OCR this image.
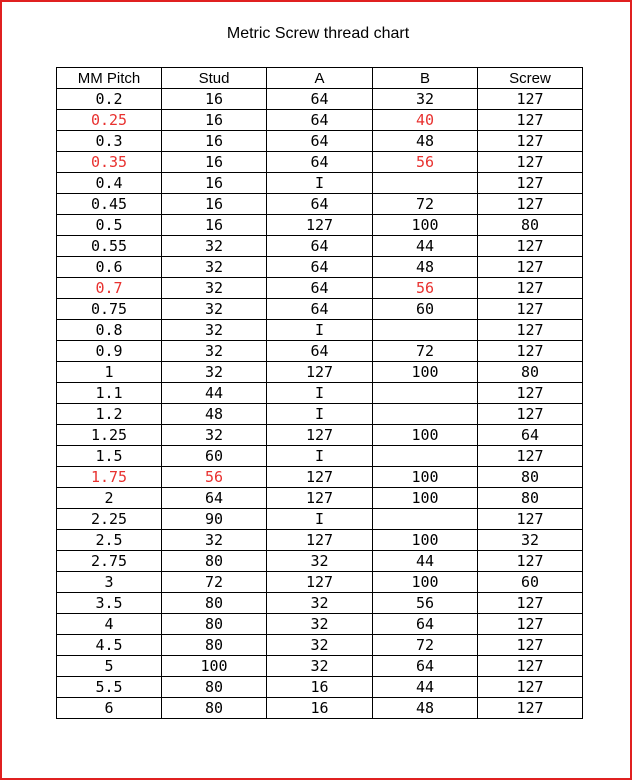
Metric Screw thread chart
MM Pitch	Stud	A	B	Screw
0.2	16	64	32	127
0.25	16	64	40	127
0.3	16	64	48	127
0.35	16	64	56	127
0.4	16	I		127
0.45	16	64	72	127
0.5	16	127	100	80
0.55	32	64	44	127
0.6	32	64	48	127
0.7	32	64	56	127
0.75	32	64	60	127
0.8	32	I		127
0.9	32	64	72	127
1	32	127	100	80
1.1	44	I		127
1.2	48	I		127
1.25	32	127	100	64
1.5	60	I		127
1.75	56	127	100	80
2	64	127	100	80
2.25	90	I		127
2.5	32	127	100	32
2.75	80	32	44	127
3	72	127	100	60
3.5	80	32	56	127
4	80	32	64	127
4.5	80	32	72	127
5	100	32	64	127
5.5	80	16	44	127
6	80	16	48	127
